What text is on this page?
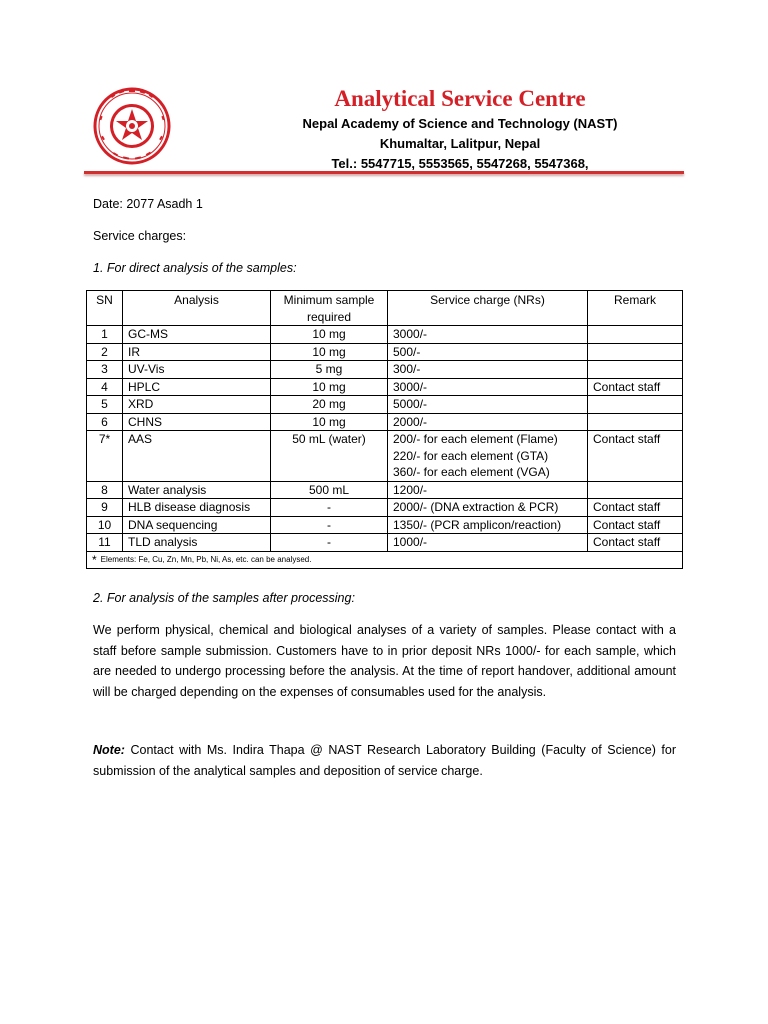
Analytical Service Centre
Nepal Academy of Science and Technology (NAST)
Khumaltar, Lalitpur, Nepal
Tel.: 5547715, 5553565, 5547268, 5547368,
Date: 2077 Asadh 1
Service charges:
1. For direct analysis of the samples:
SN	Analysis	Minimum sample required	Service charge (NRs)	Remark
1	GC-MS	10 mg	3000/-	

2	IR	10 mg	500/-	

3	UV-Vis	5 mg	300/-	

4	HPLC	10 mg	3000/-	Contact staff
5	XRD	20 mg	5000/-	

6	CHNS	10 mg	2000/-	

7*	AAS	50 mL (water)	200/- for each element (Flame)
220/- for each element (GTA)
360/- for each element (VGA)	Contact staff
8	Water analysis	500 mL	1200/-	

9	HLB disease diagnosis	-	2000/- (DNA extraction & PCR)	Contact staff
10	DNA sequencing	-	1350/- (PCR amplicon/reaction)	Contact staff
11	TLD analysis	-	1000/-	Contact staff
* Elements: Fe, Cu, Zn, Mn, Pb, Ni, As, etc. can be analysed.				
2. For analysis of the samples after processing:
We perform physical, chemical and biological analyses of a variety of samples. Please contact with a staff before sample submission. Customers have to in prior deposit NRs 1000/- for each sample, which are needed to undergo processing before the analysis. At the time of report handover, additional amount will be charged depending on the expenses of consumables used for the analysis.
Note: Contact with Ms. Indira Thapa @ NAST Research Laboratory Building (Faculty of Science) for submission of the analytical samples and deposition of service charge.
